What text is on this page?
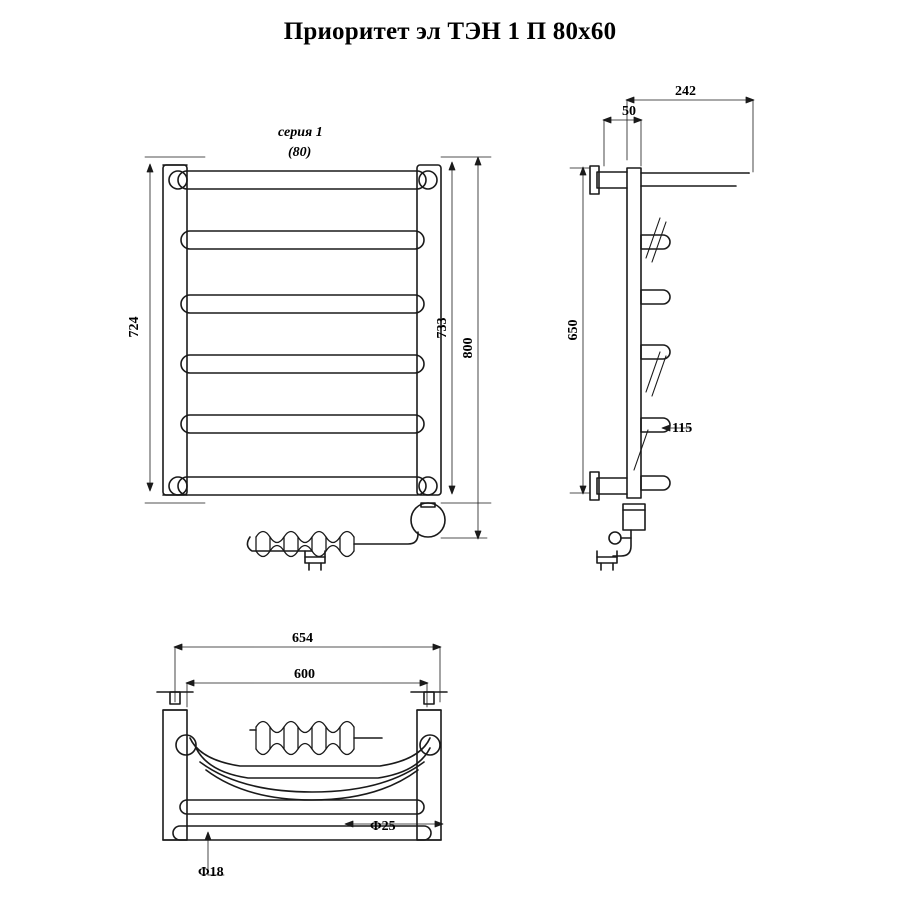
Приоритет эл ТЭН 1 П 80x60
серия 1
(80)
724	733
800
50
242
650
115
654
600
Φ25
Φ18
